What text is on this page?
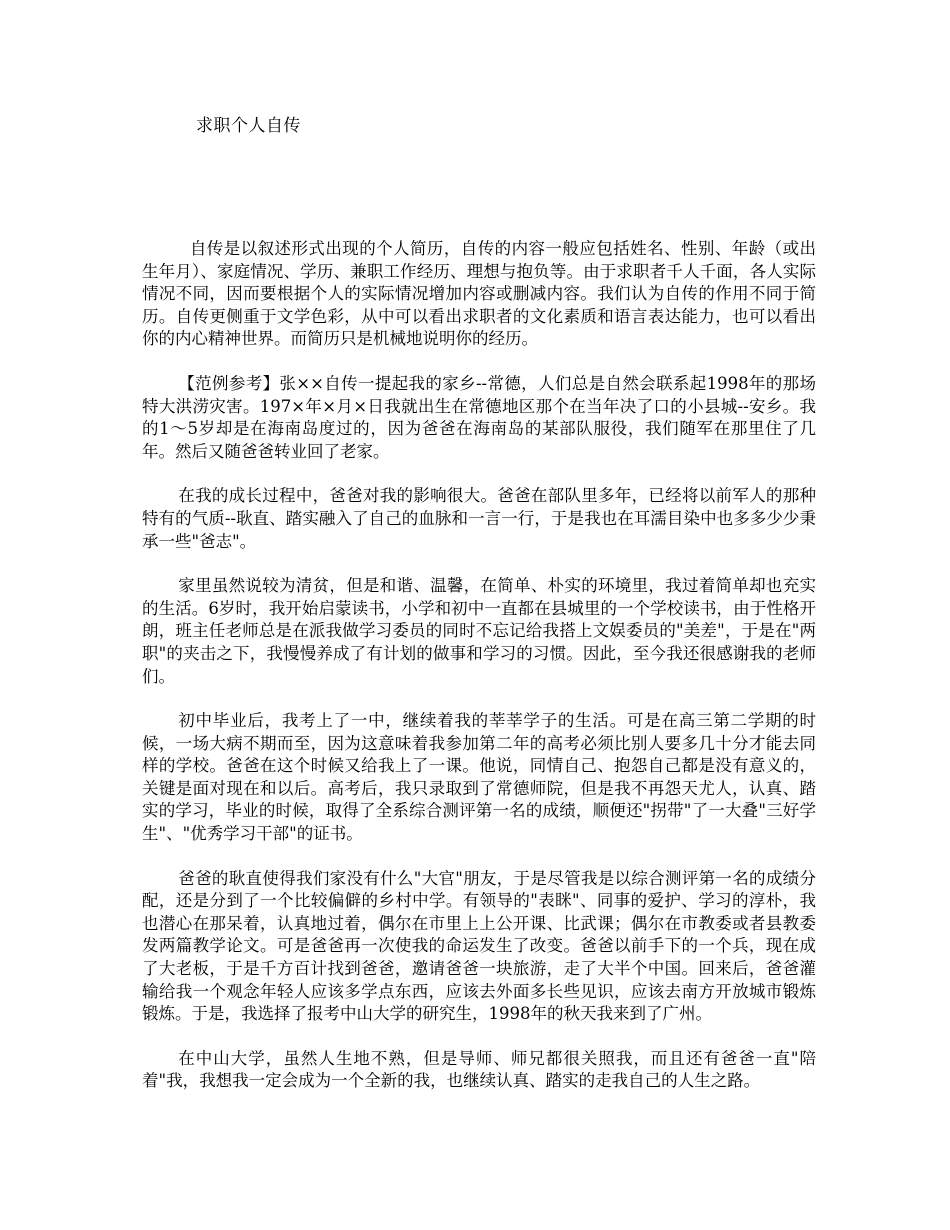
求职个人自传

自传是以叙述形式出现的个人简历，自传的内容一般应包括姓名、性别、年龄（或出生年月）、家庭情况、学历、兼职工作经历、理想与抱负等。由于求职者千人千面，各人实际情况不同，因而要根据个人的实际情况增加内容或删减内容。我们认为自传的作用不同于简历。自传更侧重于文学色彩，从中可以看出求职者的文化素质和语言表达能力，也可以看出你的内心精神世界。而简历只是机械地说明你的经历。

【范例参考】张××自传一提起我的家乡--常德，人们总是自然会联系起1998年的那场特大洪涝灾害。197×年×月×日我就出生在常德地区那个在当年决了口的小县城--安乡。我的1～5岁却是在海南岛度过的，因为爸爸在海南岛的某部队服役，我们随军在那里住了几年。然后又随爸爸转业回了老家。

在我的成长过程中，爸爸对我的影响很大。爸爸在部队里多年，已经将以前军人的那种特有的气质--耿直、踏实融入了自己的血脉和一言一行，于是我也在耳濡目染中也多多少少秉承一些"爸志"。

家里虽然说较为清贫，但是和谐、温馨，在简单、朴实的环境里，我过着简单却也充实的生活。6岁时，我开始启蒙读书，小学和初中一直都在县城里的一个学校读书，由于性格开朗，班主任老师总是在派我做学习委员的同时不忘记给我搭上文娱委员的"美差"，于是在"两职"的夹击之下，我慢慢养成了有计划的做事和学习的习惯。因此，至今我还很感谢我的老师们。

初中毕业后，我考上了一中，继续着我的莘莘学子的生活。可是在高三第二学期的时候，一场大病不期而至，因为这意味着我参加第二年的高考必须比别人要多几十分才能去同样的学校。爸爸在这个时候又给我上了一课。他说，同情自己、抱怨自己都是没有意义的，关键是面对现在和以后。高考后，我只录取到了常德师院，但是我不再怨天尤人，认真、踏实的学习，毕业的时候，取得了全系综合测评第一名的成绩，顺便还"拐带"了一大叠"三好学生"、"优秀学习干部"的证书。

爸爸的耿直使得我们家没有什么"大官"朋友，于是尽管我是以综合测评第一名的成绩分配，还是分到了一个比较偏僻的乡村中学。有领导的"表眯"、同事的爱护、学习的淳朴，我也潜心在那呆着，认真地过着，偶尔在市里上上公开课、比武课；偶尔在市教委或者县教委发两篇教学论文。可是爸爸再一次使我的命运发生了改变。爸爸以前手下的一个兵，现在成了大老板，于是千方百计找到爸爸，邀请爸爸一块旅游，走了大半个中国。回来后，爸爸灌输给我一个观念年轻人应该多学点东西，应该去外面多长些见识，应该去南方开放城市锻炼锻炼。于是，我选择了报考中山大学的研究生，1998年的秋天我来到了广州。

在中山大学，虽然人生地不熟，但是导师、师兄都很关照我，而且还有爸爸一直"陪着"我，我想我一定会成为一个全新的我，也继续认真、踏实的走我自己的人生之路。
